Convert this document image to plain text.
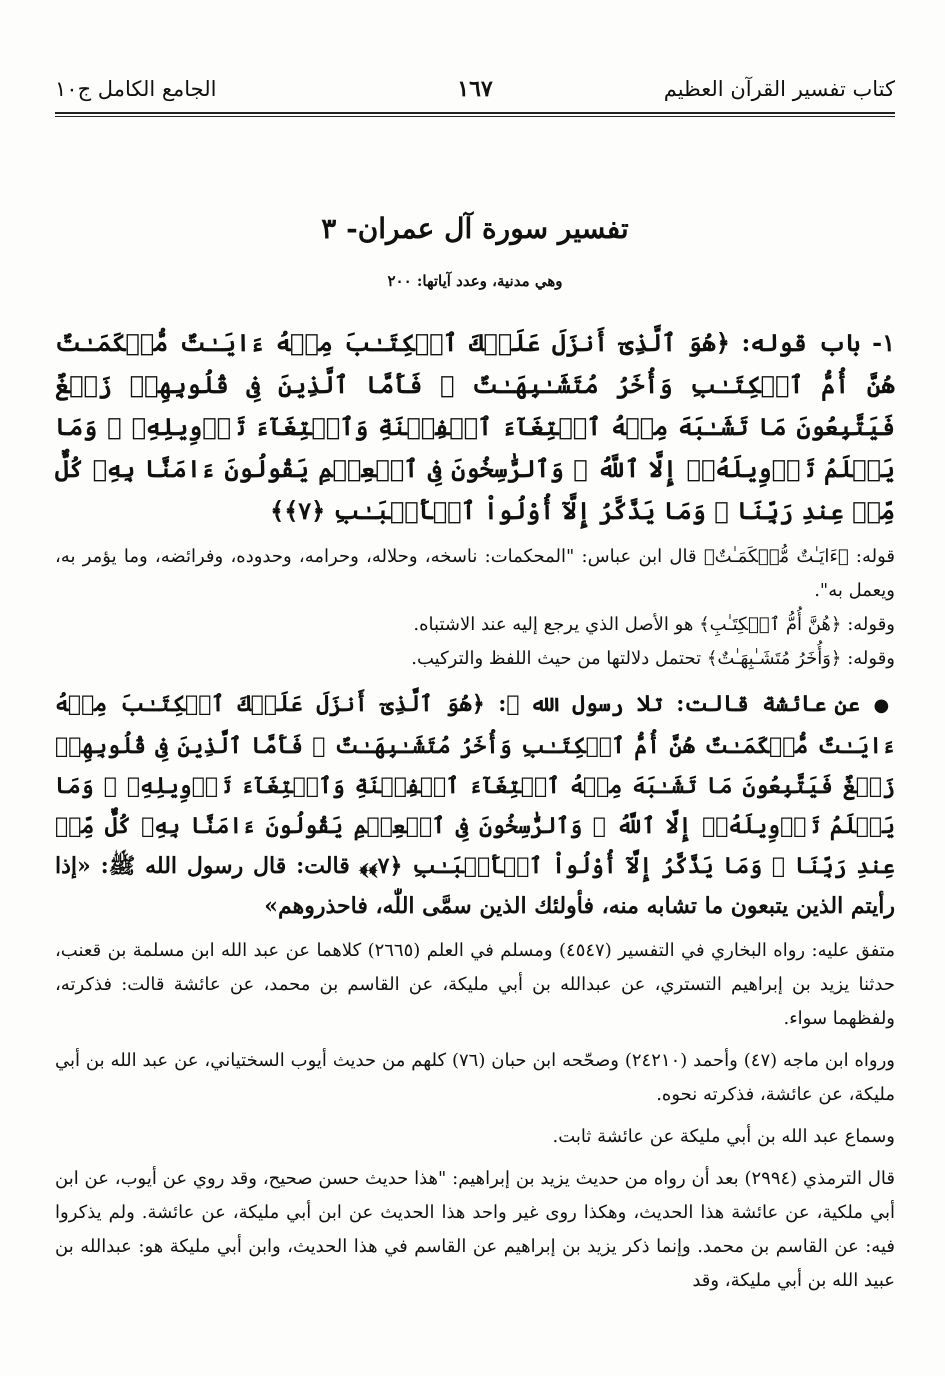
كتاب تفسير القرآن العظيم
١٦٧
الجامع الكامل ج١٠
تفسير سورة آل عمران- ٣
وهي مدنية، وعدد آياتها: ٢٠٠

١- باب قوله: ﴿هُوَ ٱلَّذِىٓ أَنزَلَ عَلَيۡكَ ٱلۡكِتَـٰبَ مِنۡهُ ءَايَـٰتٌ مُّحۡكَمَـٰتٌ هُنَّ أُمُّ ٱلۡكِتَـٰبِ وَأُخَرُ مُتَشَـٰبِهَـٰتٌ ۖ فَأَمَّا ٱلَّذِينَ فِى قُلُوبِهِمۡ زَيۡغٌ فَيَتَّبِعُونَ مَا تَشَـٰبَهَ مِنۡهُ ٱبۡتِغَآءَ ٱلۡفِتۡنَةِ وَٱبۡتِغَآءَ تَأۡوِيلِهِۦ ۗ وَمَا يَعۡلَمُ تَأۡوِيلَهُۥٓ إِلَّا ٱللَّهُ ۗ وَٱلرَّٰسِخُونَ فِى ٱلۡعِلۡمِ يَقُولُونَ ءَامَنَّا بِهِۦ كُلٌّ مِّنۡ عِندِ رَبِّنَا ۗ وَمَا يَذَّكَّرُ إِلَّآ أُوْلُواْ ٱلۡأَلۡبَـٰبِ ﴿٧﴾﴾

قوله: ﴿ءَايَـٰتٌ مُّحۡكَمَـٰتٌ﴾ قال ابن عباس: "المحكمات: ناسخه، وحلاله، وحرامه، وحدوده، وفرائضه، وما يؤمر به، ويعمل به".

وقوله: ﴿هُنَّ أُمُّ ٱلۡكِتَـٰبِ﴾ هو الأصل الذي يرجع إليه عند الاشتباه.

وقوله: ﴿وَأُخَرُ مُتَشَـٰبِهَـٰتٌ﴾ تحتمل دلالتها من حيث اللفظ والتركيب.

● عن عائشة قالت: تلا رسول الله ﷺ: ﴿هُوَ ٱلَّذِىٓ أَنزَلَ عَلَيۡكَ ٱلۡكِتَـٰبَ مِنۡهُ ءَايَـٰتٌ مُّحۡكَمَـٰتٌ هُنَّ أُمُّ ٱلۡكِتَـٰبِ وَأُخَرُ مُتَشَـٰبِهَـٰتٌ ۖ فَأَمَّا ٱلَّذِينَ فِى قُلُوبِهِمۡ زَيۡغٌ فَيَتَّبِعُونَ مَا تَشَـٰبَهَ مِنۡهُ ٱبۡتِغَآءَ ٱلۡفِتۡنَةِ وَٱبۡتِغَآءَ تَأۡوِيلِهِۦ ۗ وَمَا يَعۡلَمُ تَأۡوِيلَهُۥٓ إِلَّا ٱللَّهُ ۗ وَٱلرَّٰسِخُونَ فِى ٱلۡعِلۡمِ يَقُولُونَ ءَامَنَّا بِهِۦ كُلٌّ مِّنۡ عِندِ رَبِّنَا ۗ وَمَا يَذَّكَّرُ إِلَّآ أُوْلُواْ ٱلۡأَلۡبَـٰبِ ﴿٧﴾﴾ قالت: قال رسول الله ﷺ: «إذا رأيتم الذين يتبعون ما تشابه منه، فأولئك الذين سمَّى اللّٰه، فاحذروهم»

متفق عليه: رواه البخاري في التفسير (٤٥٤٧) ومسلم في العلم (٢٦٦٥) كلاهما عن عبد الله ابن مسلمة بن قعنب، حدثنا يزيد بن إبراهيم التستري، عن عبدالله بن أبي مليكة، عن القاسم بن محمد، عن عائشة قالت: فذكرته، ولفظهما سواء.

ورواه ابن ماجه (٤٧) وأحمد (٢٤٢١٠) وصحّحه ابن حبان (٧٦) كلهم من حديث أيوب السختياني، عن عبد الله بن أبي مليكة، عن عائشة، فذكرته نحوه.

وسماع عبد الله بن أبي مليكة عن عائشة ثابت.

قال الترمذي (٢٩٩٤) بعد أن رواه من حديث يزيد بن إبراهيم: "هذا حديث حسن صحيح، وقد روي عن أيوب، عن ابن أبي ملكية، عن عائشة هذا الحديث، وهكذا روى غير واحد هذا الحديث عن ابن أبي مليكة، عن عائشة. ولم يذكروا فيه: عن القاسم بن محمد. وإنما ذكر يزيد بن إبراهيم عن القاسم في هذا الحديث، وابن أبي مليكة هو: عبدالله بن عبيد الله بن أبي مليكة، وقد
